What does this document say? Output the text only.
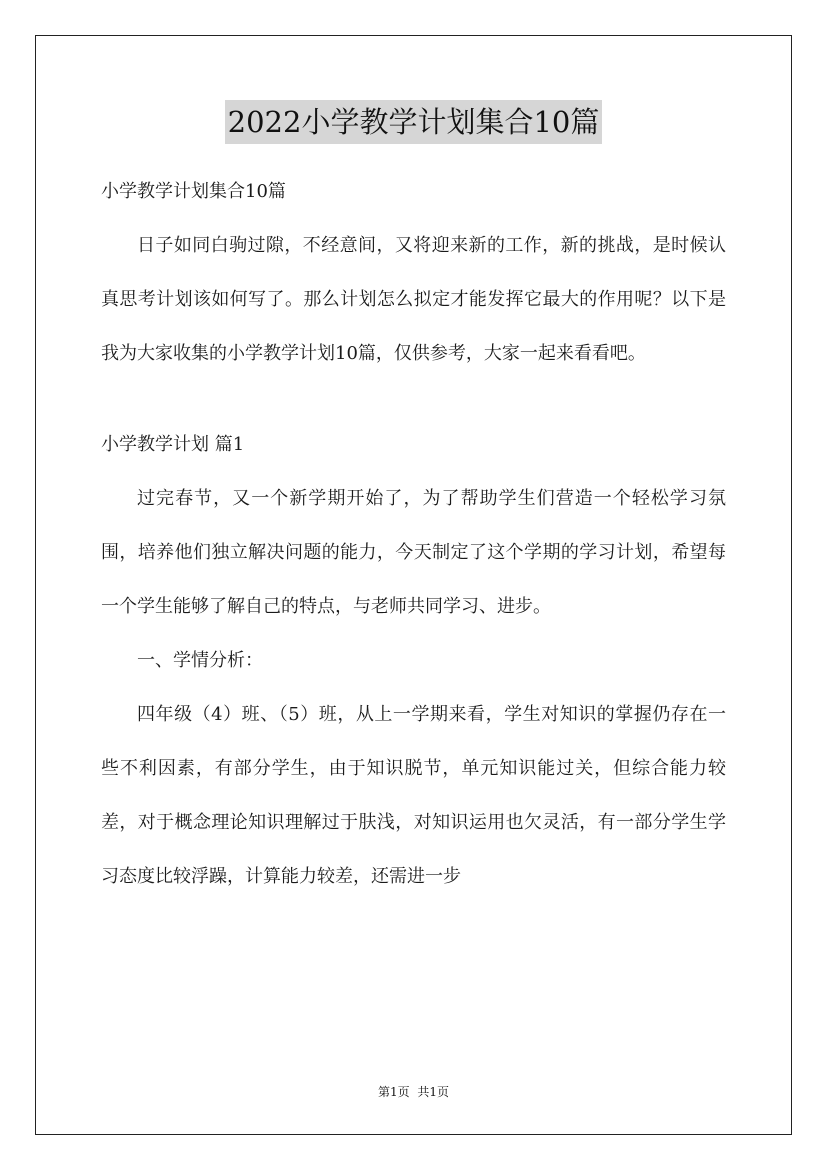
2022小学教学计划集合10篇

小学教学计划集合10篇

日子如同白驹过隙，不经意间，又将迎来新的工作，新的挑战，是时候认真思考计划该如何写了。那么计划怎么拟定才能发挥它最大的作用呢？以下是我为大家收集的小学教学计划10篇，仅供参考，大家一起来看看吧。

小学教学计划 篇1

过完春节，又一个新学期开始了，为了帮助学生们营造一个轻松学习氛围，培养他们独立解决问题的能力，今天制定了这个学期的学习计划，希望每一个学生能够了解自己的特点，与老师共同学习、进步。

一、学情分析：

四年级（4）班、（5）班，从上一学期来看，学生对知识的掌握仍存在一些不利因素，有部分学生，由于知识脱节，单元知识能过关，但综合能力较差，对于概念理论知识理解过于肤浅，对知识运用也欠灵活，有一部分学生学习态度比较浮躁，计算能力较差，还需进一步

第1页 共1页
